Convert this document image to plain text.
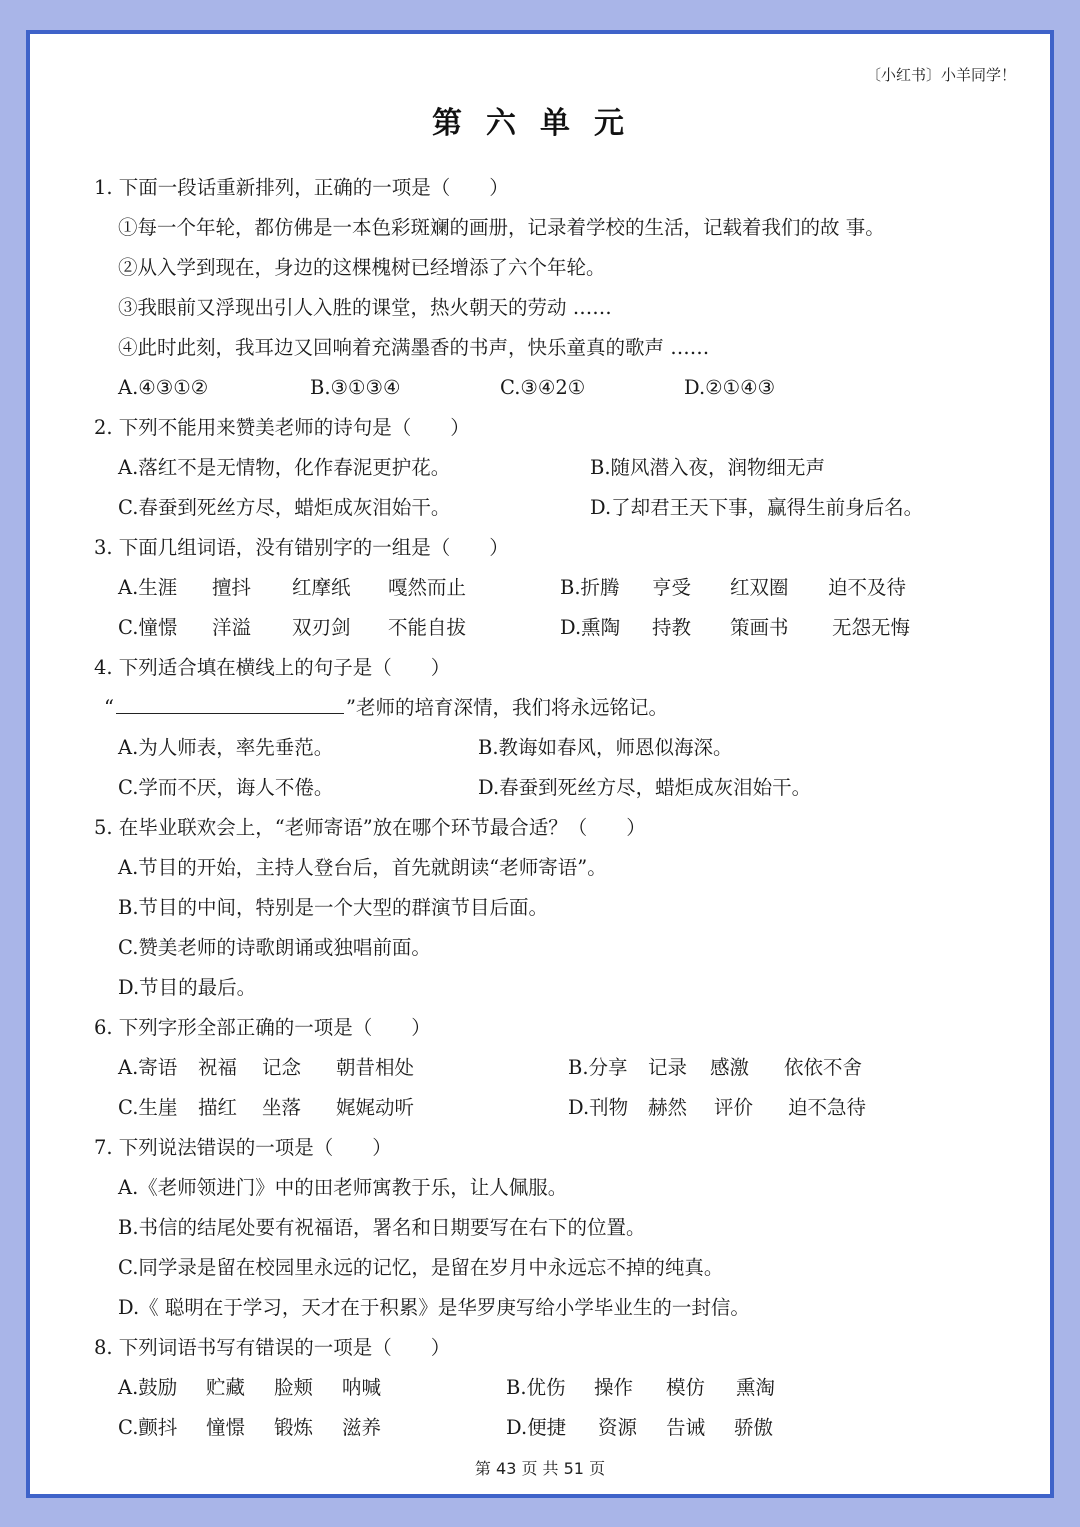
〔小红书〕小羊同学！
第六单元
1. 下面一段话重新排列，正确的一项是（　　）
①每一个年轮，都仿佛是一本色彩斑斓的画册，记录着学校的生活，记载着我们的故 事。
②从入学到现在，身边的这棵槐树已经增添了六个年轮。
③我眼前又浮现出引人入胜的课堂，热火朝天的劳动 ……
④此时此刻，我耳边又回响着充满墨香的书声，快乐童真的歌声 ……
A.④③①②	B.③①③④	C.③④2①	D.②①④③
2. 下列不能用来赞美老师的诗句是（　　）
A.落红不是无情物，化作春泥更护花。	B.随风潜入夜，润物细无声
C.春蚕到死丝方尽，蜡炬成灰泪始干。	D.了却君王天下事，赢得生前身后名。
3. 下面几组词语，没有错别字的一组是（　　）
A.生涯 擅抖 红摩纸 嘎然而止	B.折腾 亨受 红双圈 迫不及待
C.憧憬 洋溢 双刃剑 不能自拔	D.熏陶 持教 策画书 无怨无悔
4. 下列适合填在横线上的句子是（　　）
“	”老师的培育深情，我们将永远铭记。
A.为人师表，率先垂范。	B.教诲如春风，师恩似海深。
C.学而不厌，诲人不倦。	D.春蚕到死丝方尽，蜡炬成灰泪始干。
5. 在毕业联欢会上，“老师寄语”放在哪个环节最合适？（　　）
A.节目的开始，主持人登台后，首先就朗读“老师寄语”。
B.节目的中间，特别是一个大型的群演节目后面。
C.赞美老师的诗歌朗诵或独唱前面。
D.节目的最后。
6. 下列字形全部正确的一项是（　　）
A.寄语 祝福 记念 朝昔相处	B.分享 记录 感激 依依不舍
C.生崖 描红 坐落 娓娓动听	D.刊物 赫然 评价 迫不急待
7. 下列说法错误的一项是（　　）
A.《老师领进门》中的田老师寓教于乐，让人佩服。
B.书信的结尾处要有祝福语，署名和日期要写在右下的位置。
C.同学录是留在校园里永远的记忆，是留在岁月中永远忘不掉的纯真。
D.《 聪明在于学习，天才在于积累》是华罗庚写给小学毕业生的一封信。
8. 下列词语书写有错误的一项是（　　）
A.鼓励 贮藏 脸颊 呐喊	B.优伤 操作 模仿 熏淘
C.颤抖 憧憬 锻炼 滋养	D.便捷 资源 告诫 骄傲
第 43 页 共 51 页
